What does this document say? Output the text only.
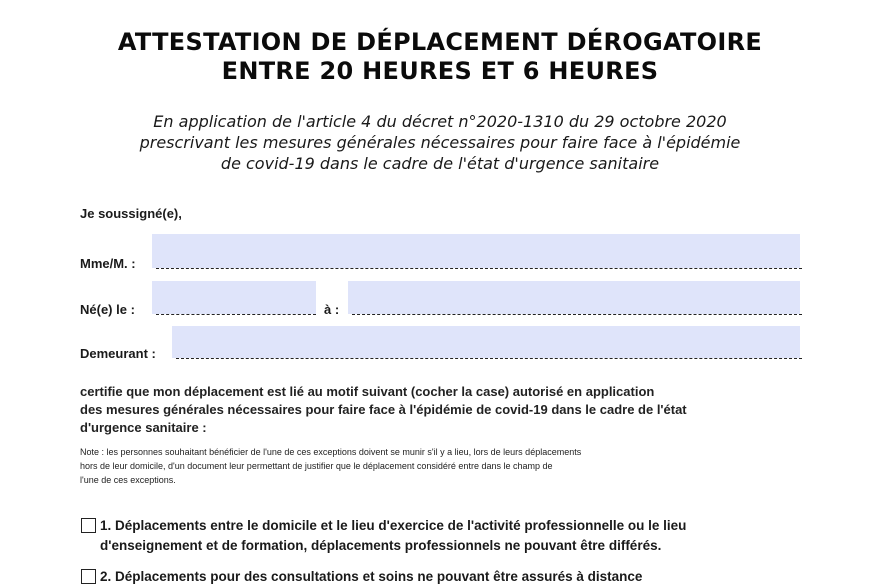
ATTESTATION DE DÉPLACEMENT DÉROGATOIRE
ENTRE 20 HEURES ET 6 HEURES
En application de l'article 4 du décret n°2020-1310 du 29 octobre 2020
prescrivant les mesures générales nécessaires pour faire face à l'épidémie
de covid-19 dans le cadre de l'état d'urgence sanitaire
Je soussigné(e),
Mme/M. :
Né(e) le :	à :
Demeurant :
certifie que mon déplacement est lié au motif suivant (cocher la case) autorisé en application
des mesures générales nécessaires pour faire face à l'épidémie de covid-19 dans le cadre de l'état
d'urgence sanitaire :
Note : les personnes souhaitant bénéficier de l'une de ces exceptions doivent se munir s'il y a lieu, lors de leurs déplacements
hors de leur domicile, d'un document leur permettant de justifier que le déplacement considéré entre dans le champ de
l'une de ces exceptions.
1. Déplacements entre le domicile et le lieu d'exercice de l'activité professionnelle ou le lieu
d'enseignement et de formation, déplacements professionnels ne pouvant être différés.
2. Déplacements pour des consultations et soins ne pouvant être assurés à distance
